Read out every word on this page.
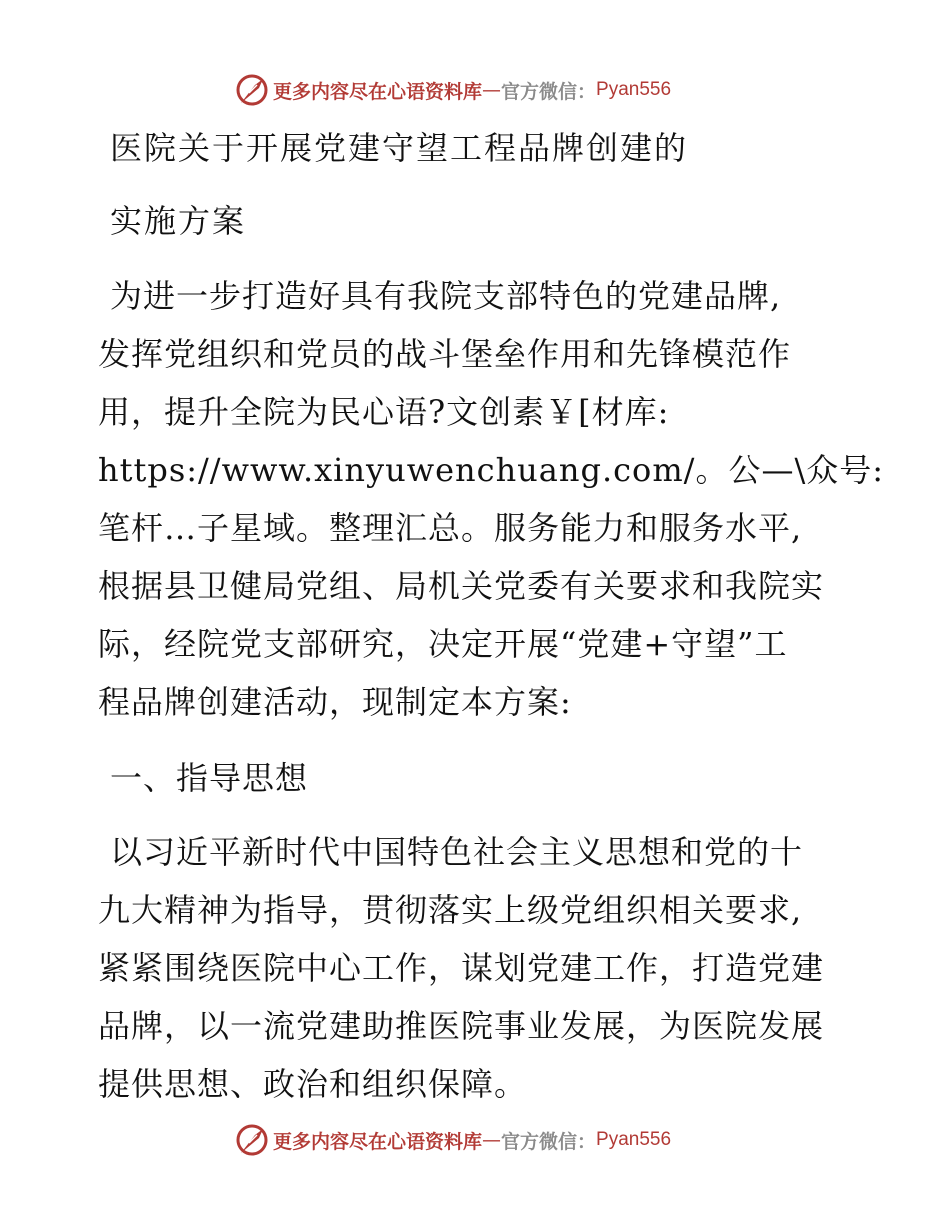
更多内容尽在心语资料库 — 官方微信： Pyan556

医院关于开展党建守望工程品牌创建的

实施方案

为进一步打造好具有我院支部特色的党建品牌,

发挥党组织和党员的战斗堡垒作用和先锋模范作

用，提升全院为民心语?文创素￥[材库:

https://www.xinyuwenchuang.com/。公—\众号:

笔杆…子星域。整理汇总。服务能力和服务水平,

根据县卫健局党组、局机关党委有关要求和我院实

际，经院党支部研究，决定开展“党建+守望”工

程品牌创建活动，现制定本方案:

一、指导思想

以习近平新时代中国特色社会主义思想和党的十

九大精神为指导，贯彻落实上级党组织相关要求,

紧紧围绕医院中心工作，谋划党建工作，打造党建

品牌，以一流党建助推医院事业发展，为医院发展

提供思想、政治和组织保障。

更多内容尽在心语资料库 — 官方微信： Pyan556
